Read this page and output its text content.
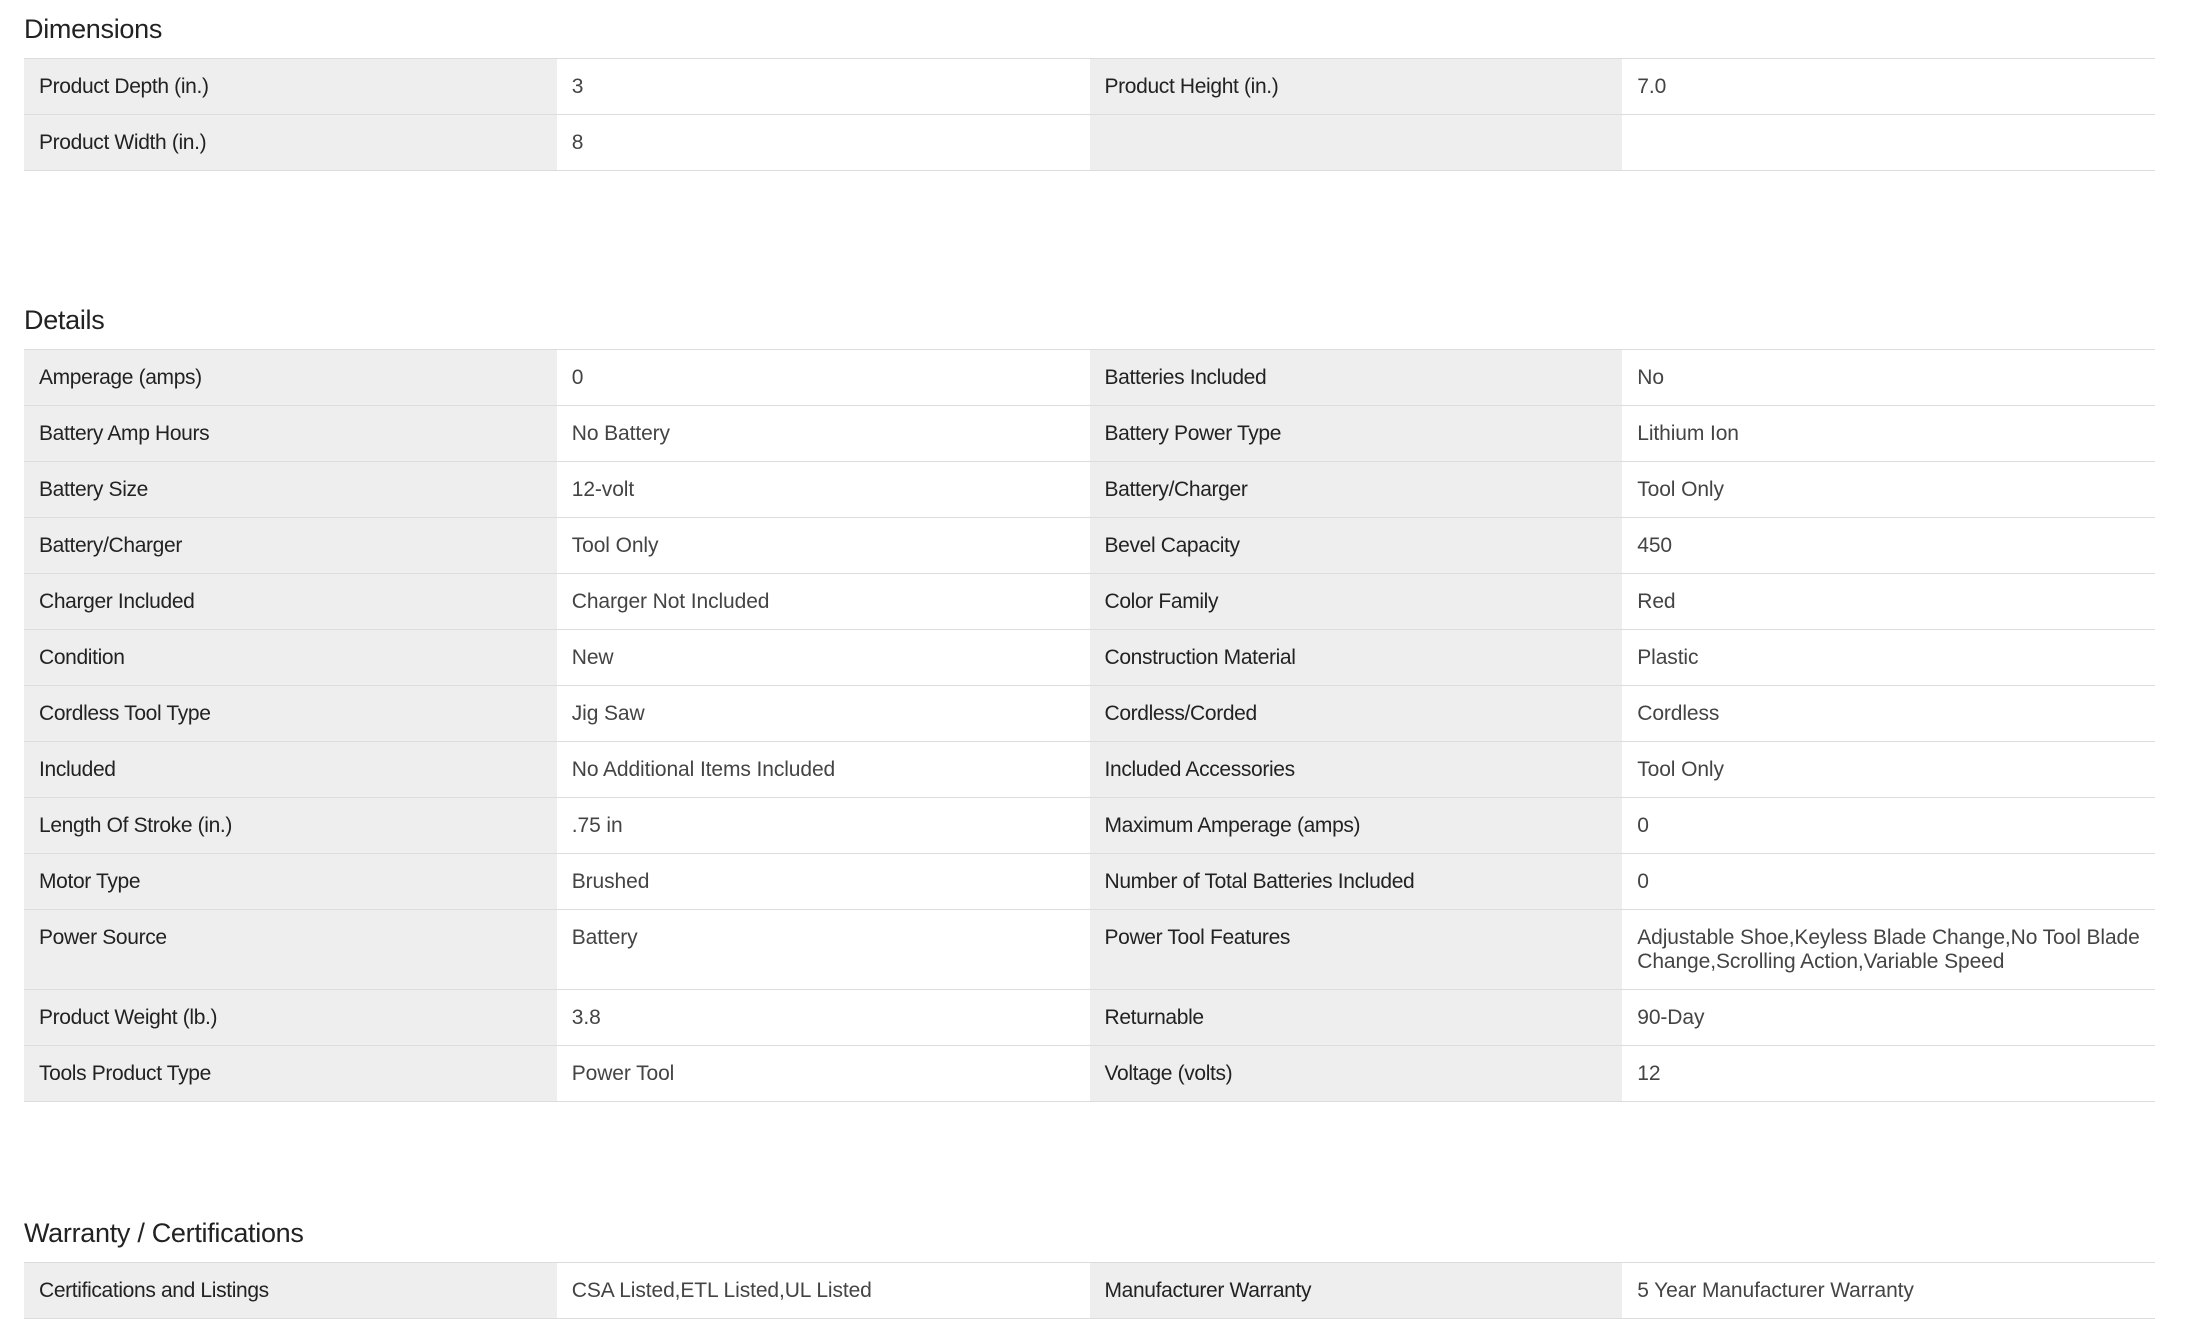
Dimensions
Product Depth (in.)	3	Product Height (in.)	7.0
Product Width (in.)	8
Details
Amperage (amps)	0	Batteries Included	No
Battery Amp Hours	No Battery	Battery Power Type	Lithium Ion
Battery Size	12-volt	Battery/Charger	Tool Only
Battery/Charger	Tool Only	Bevel Capacity	450
Charger Included	Charger Not Included	Color Family	Red
Condition	New	Construction Material	Plastic
Cordless Tool Type	Jig Saw	Cordless/Corded	Cordless
Included	No Additional Items Included	Included Accessories	Tool Only
Length Of Stroke (in.)	.75 in	Maximum Amperage (amps)	0
Motor Type	Brushed	Number of Total Batteries Included	0
Power Source	Battery	Power Tool Features	Adjustable Shoe,Keyless Blade Change,No Tool Blade Change,Scrolling Action,Variable Speed
Product Weight (lb.)	3.8	Returnable	90-Day
Tools Product Type	Power Tool	Voltage (volts)	12
Warranty / Certifications
Certifications and Listings	CSA Listed,ETL Listed,UL Listed	Manufacturer Warranty	5 Year Manufacturer Warranty
